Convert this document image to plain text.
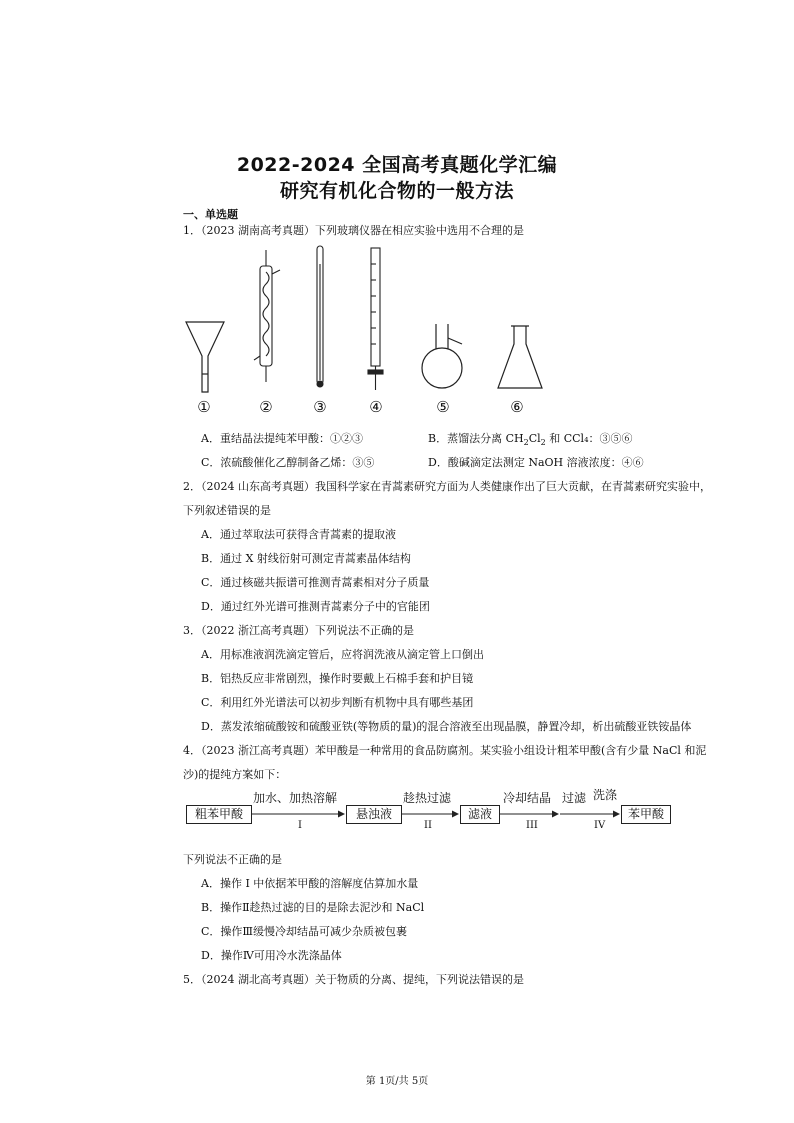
2022-2024 全国高考真题化学汇编
研究有机化合物的一般方法
一、单选题
1．（2023 湖南高考真题）下列玻璃仪器在相应实验中选用不合理的是
①	②	③	④	⑤	⑥
A．重结晶法提纯苯甲酸：①②③	B．蒸馏法分离 $CH_2Cl_2$ 和 CCl₄：③⑤⑥
C．浓硫酸催化乙醇制备乙烯：③⑤	D．酸碱滴定法测定 NaOH 溶液浓度：④⑥
2．（2024 山东高考真题）我国科学家在青蒿素研究方面为人类健康作出了巨大贡献，在青蒿素研究实验中，
下列叙述错误的是
A．通过萃取法可获得含青蒿素的提取液
B．通过 X 射线衍射可测定青蒿素晶体结构
C．通过核磁共振谱可推测青蒿素相对分子质量
D．通过红外光谱可推测青蒿素分子中的官能团
3．（2022 浙江高考真题）下列说法不正确的是
A．用标准液润洗滴定管后，应将润洗液从滴定管上口倒出
B．铝热反应非常剧烈，操作时要戴上石棉手套和护目镜
C．利用红外光谱法可以初步判断有机物中具有哪些基团
D．蒸发浓缩硫酸铵和硫酸亚铁(等物质的量)的混合溶液至出现晶膜，静置冷却，析出硫酸亚铁铵晶体
4．（2023 浙江高考真题）苯甲酸是一种常用的食品防腐剂。某实验小组设计粗苯甲酸(含有少量 NaCl 和泥
沙)的提纯方案如下：
粗苯甲酸	悬浊液	滤液	苯甲酸
加水、加热溶解	趁热过滤	冷却结晶 过滤 洗涤
I	II	III	IV
下列说法不正确的是
A．操作 I 中依据苯甲酸的溶解度估算加水量
B．操作Ⅱ趁热过滤的目的是除去泥沙和 NaCl
C．操作Ⅲ缓慢冷却结晶可减少杂质被包裹
D．操作Ⅳ可用冷水洗涤晶体
5．（2024 湖北高考真题）关于物质的分离、提纯，下列说法错误的是
第 1页/共 5页
